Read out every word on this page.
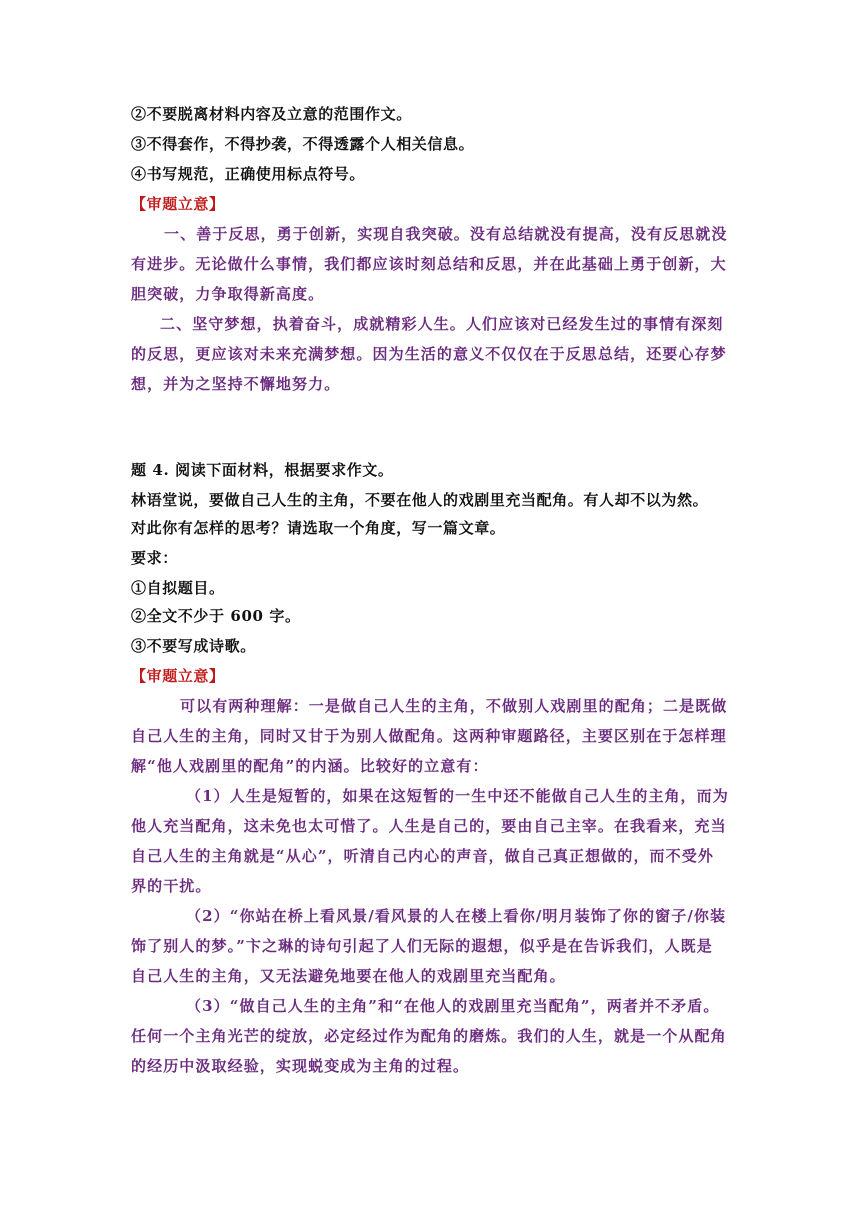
②不要脱离材料内容及立意的范围作文。
③不得套作，不得抄袭，不得透露个人相关信息。
④书写规范，正确使用标点符号。
【审题立意】
一、善于反思，勇于创新，实现自我突破。没有总结就没有提高，没有反思就没
有进步。无论做什么事情，我们都应该时刻总结和反思，并在此基础上勇于创新，大
胆突破，力争取得新高度。
二、坚守梦想，执着奋斗，成就精彩人生。人们应该对已经发生过的事情有深刻
的反思，更应该对未来充满梦想。因为生活的意义不仅仅在于反思总结，还要心存梦
想，并为之坚持不懈地努力。
题 4. 阅读下面材料，根据要求作文。
林语堂说，要做自己人生的主角，不要在他人的戏剧里充当配角。有人却不以为然。
对此你有怎样的思考？请选取一个角度，写一篇文章。
要求：
①自拟题目。
②全文不少于 600 字。
③不要写成诗歌。
【审题立意】
可以有两种理解：一是做自己人生的主角，不做别人戏剧里的配角；二是既做
自己人生的主角，同时又甘于为别人做配角。这两种审题路径，主要区别在于怎样理
解“他人戏剧里的配角”的内涵。比较好的立意有：
（1）人生是短暂的，如果在这短暂的一生中还不能做自己人生的主角，而为
他人充当配角，这未免也太可惜了。人生是自己的，要由自己主宰。在我看来，充当
自己人生的主角就是“从心”，听清自己内心的声音，做自己真正想做的，而不受外
界的干扰。
（2）“你站在桥上看风景/看风景的人在楼上看你/明月装饰了你的窗子/你装
饰了别人的梦。”卞之琳的诗句引起了人们无际的遐想，似乎是在告诉我们，人既是
自己人生的主角，又无法避免地要在他人的戏剧里充当配角。
（3）“做自己人生的主角”和“在他人的戏剧里充当配角”，两者并不矛盾。
任何一个主角光芒的绽放，必定经过作为配角的磨炼。我们的人生，就是一个从配角
的经历中汲取经验，实现蜕变成为主角的过程。
